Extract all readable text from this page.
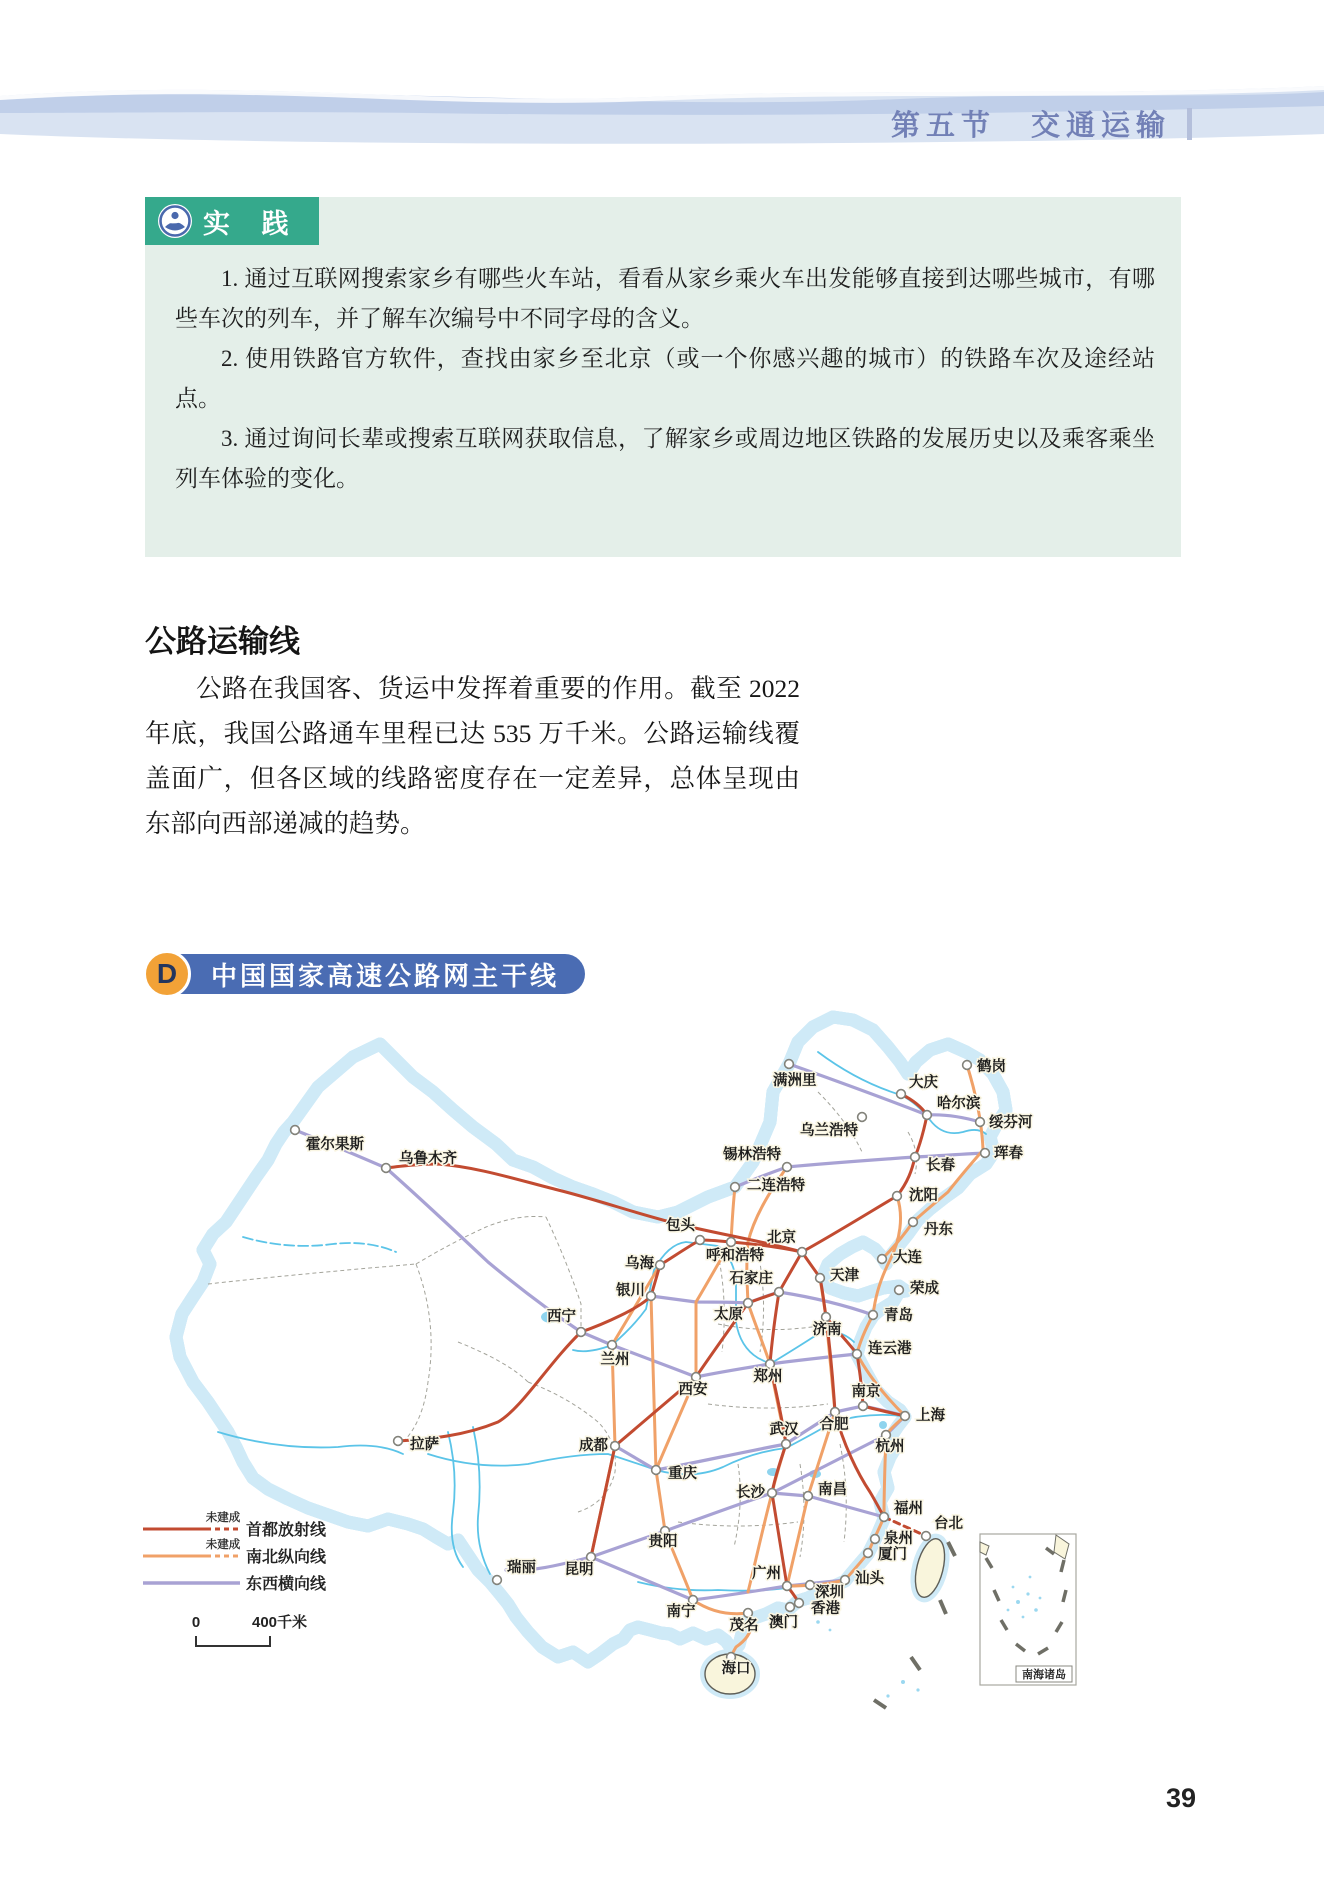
第五节　交通运输
实 践

1. 通过互联网搜索家乡有哪些火车站，看看从家乡乘火车出发能够直接到达哪些城市，有哪些车次的列车，并了解车次编号中不同字母的含义。

2. 使用铁路官方软件，查找由家乡至北京（或一个你感兴趣的城市）的铁路车次及途经站点。

3. 通过询问长辈或搜索互联网获取信息，了解家乡或周边地区铁路的发展历史以及乘客乘坐列车体验的变化。

公路运输线
公路在我国客、货运中发挥着重要的作用。截至 2022 年底，我国公路通车里程已达 535 万千米。公路运输线覆盖面广，但各区域的线路密度存在一定差异，总体呈现由东部向西部递减的趋势。
D	中国国家高速公路网主干线
未建成
首都放射线
未建成
南北纵向线
东西横向线
0	400千米
南海诸岛
霍尔果斯
乌鲁木齐
拉萨
满洲里	大庆
哈尔滨
鹤岗
绥芬河
珲春
乌兰浩特
锡林浩特
长春
二连浩特
沈阳
丹东
包头
呼和浩特
北京
大连
乌海
天津
石家庄
荣成
银川
太原
济南
青岛
西宁
连云港
兰州
郑州
西安	南京
上海
合肥
武汉
杭州
成都
重庆
长沙	南昌
福州
台北
泉州
厦门
汕头
广州
深圳
香港
澳门
茂名
南宁
海口
贵阳
昆明
瑞丽
39
